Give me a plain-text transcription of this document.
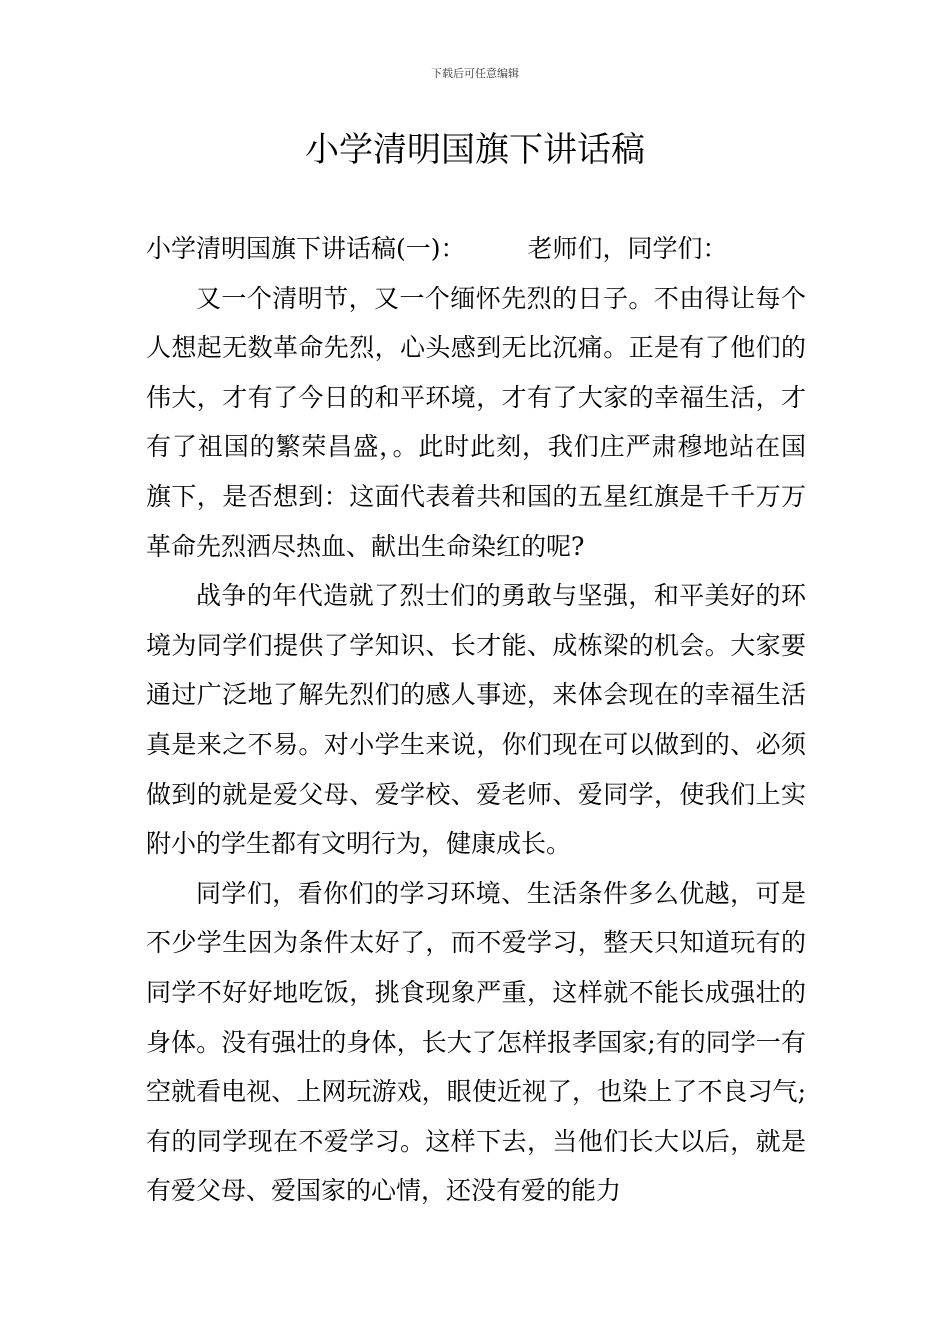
下载后可任意编辑
小学清明国旗下讲话稿

小学清明国旗下讲话稿(一)： 老师们，同学们：

又一个清明节，又一个缅怀先烈的日子。不由得让每个人想起无数革命先烈，心头感到无比沉痛。正是有了他们的伟大，才有了今日的和平环境，才有了大家的幸福生活，才有了祖国的繁荣昌盛，。此时此刻，我们庄严肃穆地站在国旗下，是否想到：这面代表着共和国的五星红旗是千千万万革命先烈洒尽热血、献出生命染红的呢?

战争的年代造就了烈士们的勇敢与坚强，和平美好的环境为同学们提供了学知识、长才能、成栋梁的机会。大家要通过广泛地了解先烈们的感人事迹，来体会现在的幸福生活真是来之不易。对小学生来说，你们现在可以做到的、必须做到的就是爱父母、爱学校、爱老师、爱同学，使我们上实附小的学生都有文明行为，健康成长。

同学们，看你们的学习环境、生活条件多么优越，可是不少学生因为条件太好了，而不爱学习，整天只知道玩有的同学不好好地吃饭，挑食现象严重，这样就不能长成强壮的身体。没有强壮的身体，长大了怎样报孝国家;有的同学一有空就看电视、上网玩游戏，眼使近视了，也染上了不良习气;有的同学现在不爱学习。这样下去，当他们长大以后，就是有爱父母、爱国家的心情，还没有爱的能力
